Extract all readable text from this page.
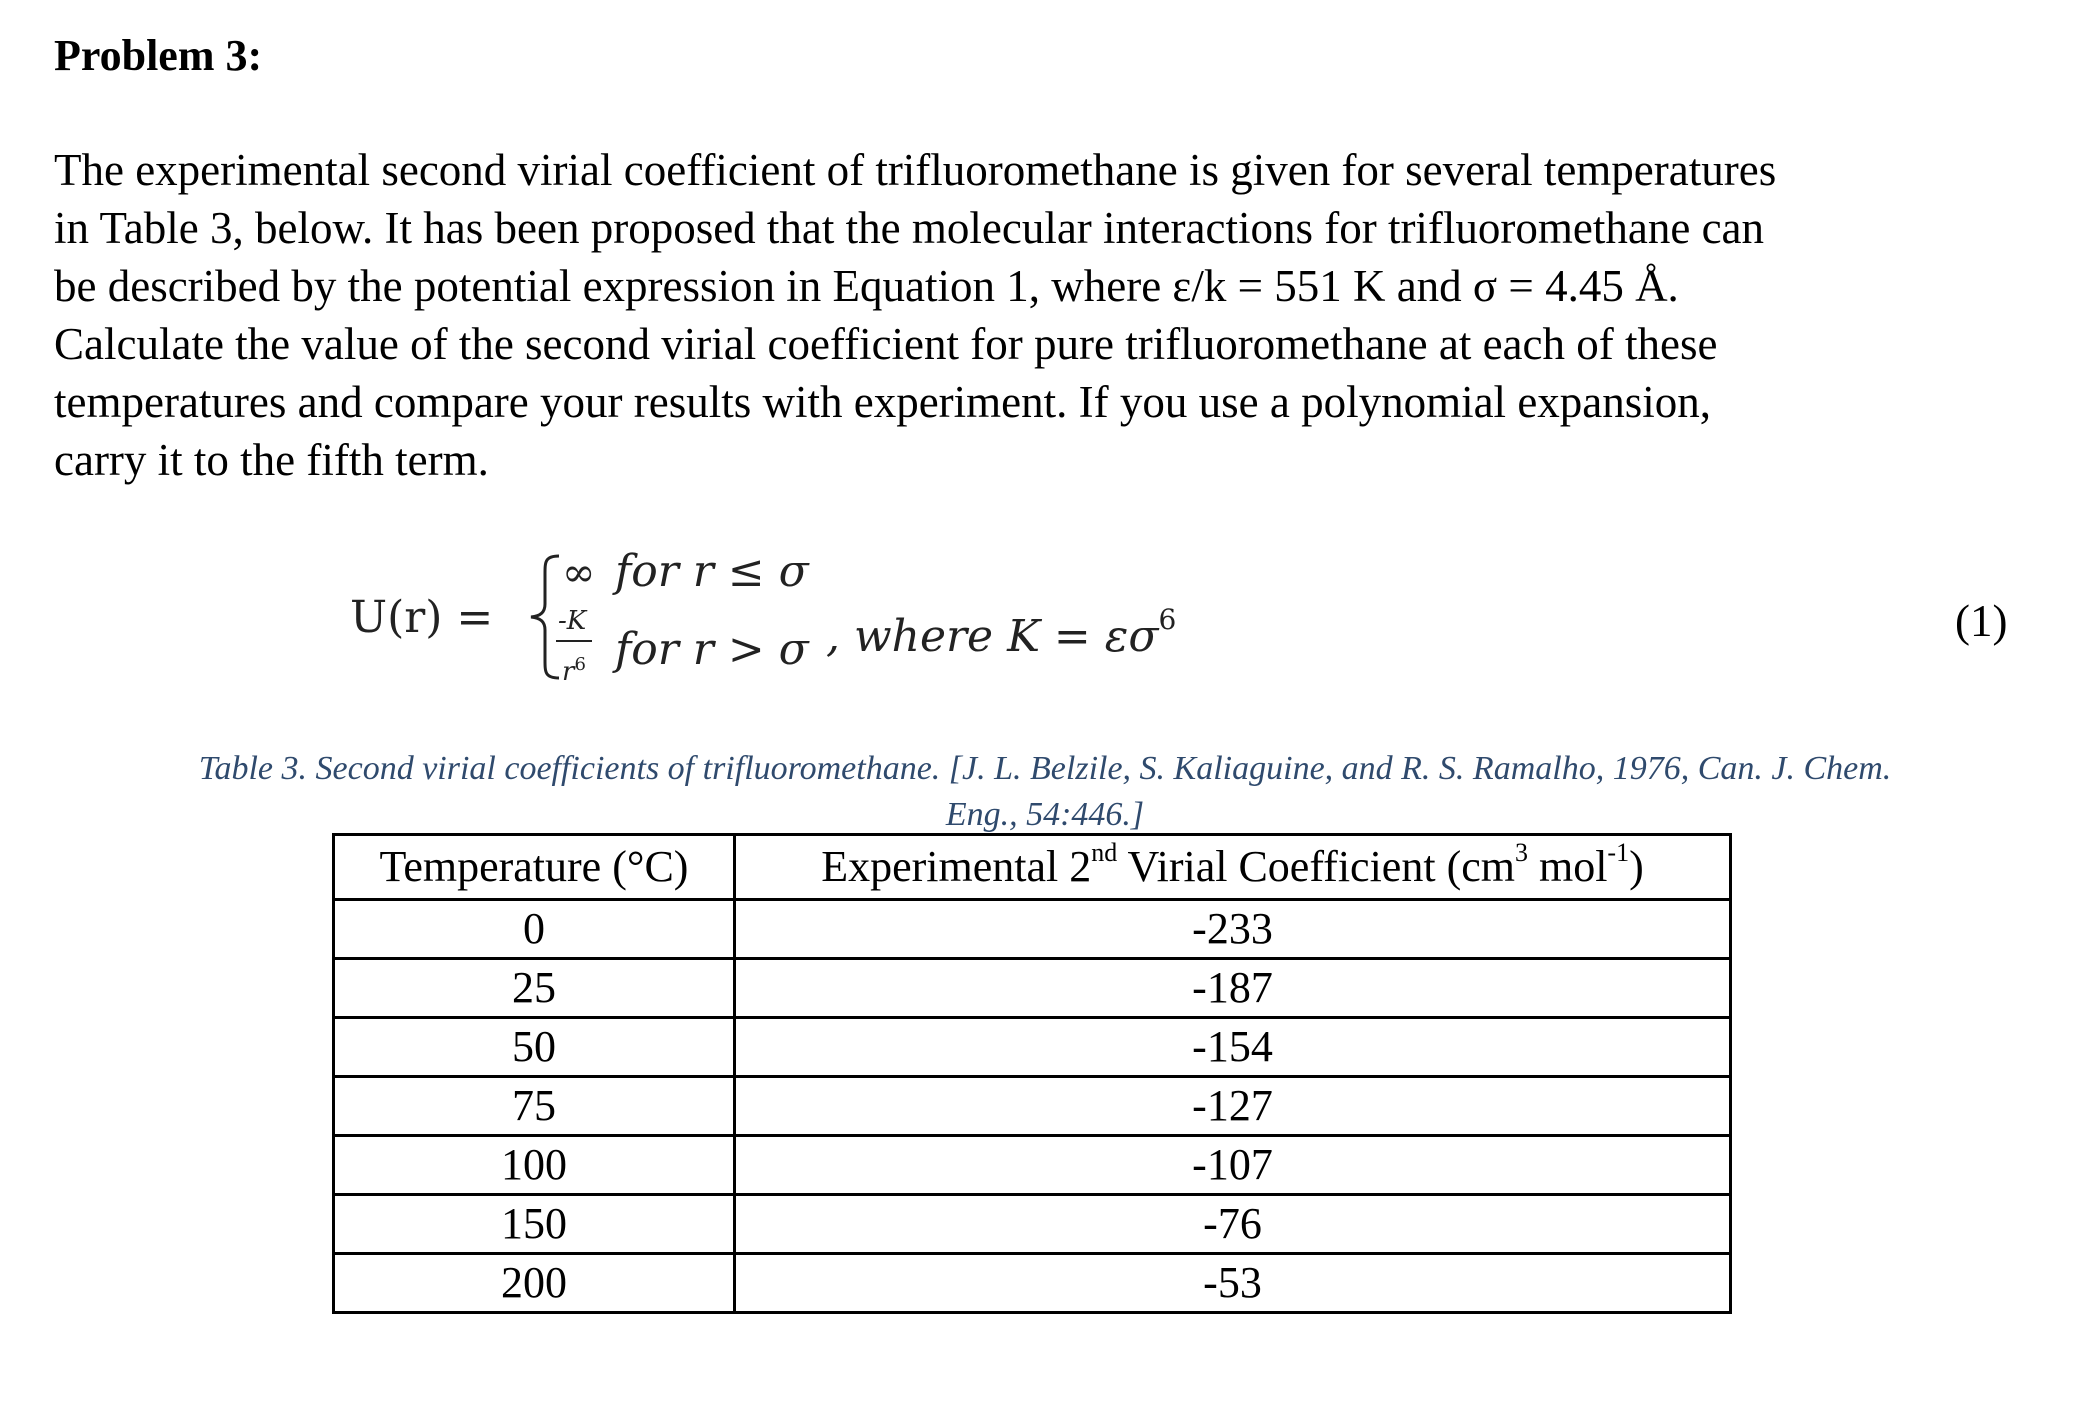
Problem 3:
The experimental second virial coefficient of trifluoromethane is given for several temperatures
in Table 3, below. It has been proposed that the molecular interactions for trifluoromethane can
be described by the potential expression in Equation 1, where ε/k = 551 K and σ = 4.45 Å.
Calculate the value of the second virial coefficient for pure trifluoromethane at each of these
temperatures and compare your results with experiment. If you use a polynomial expansion,
carry it to the fifth term.
U(r) =
∞ for r ≤ σ
-K
$r^6$ for r > σ , where $K = \varepsilon\sigma^6$	(1)
Table 3. Second virial coefficients of trifluoromethane. [J. L. Belzile, S. Kaliaguine, and R. S. Ramalho, 1976, Can. J. Chem.
Eng., 54:446.]
Temperature (°C)	Experimental 2nd Virial Coefficient ($cm^3$ mol$^{-1}$)
0	-233
25	-187
50	-154
75	-127
100	-107
150	-76
200	-53
